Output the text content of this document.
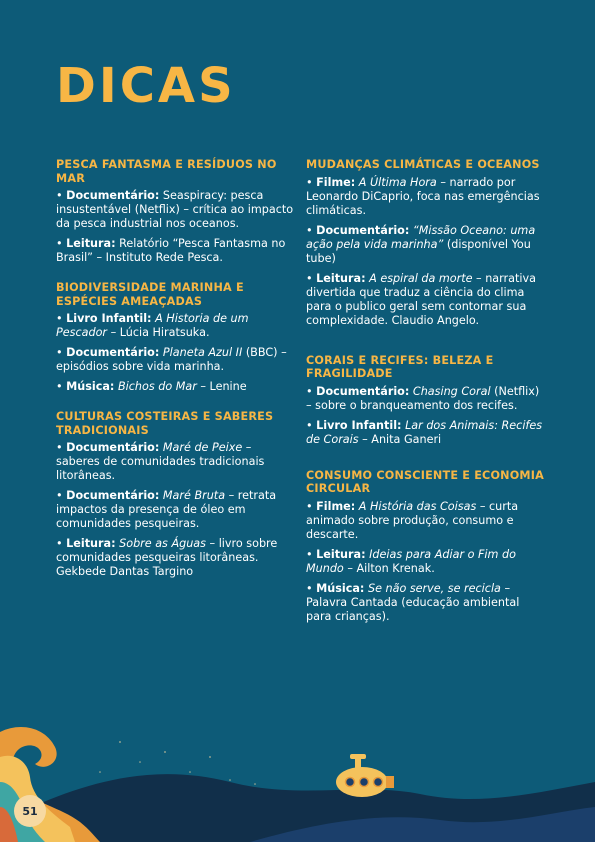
DICAS
PESCA FANTASMA E RESÍDUOS NO MAR
• Documentário: Seaspiracy: pesca insustentável (Netflix) – crítica ao impacto da pesca industrial nos oceanos.
• Leitura: Relatório “Pesca Fantasma no Brasil” – Instituto Rede Pesca.
BIODIVERSIDADE MARINHA E ESPÉCIES AMEAÇADAS
• Livro Infantil: A Historia de um Pescador – Lúcia Hiratsuka.
• Documentário: Planeta Azul II (BBC) – episódios sobre vida marinha.
• Música: Bichos do Mar – Lenine
CULTURAS COSTEIRAS E SABERES TRADICIONAIS
• Documentário: Maré de Peixe – saberes de comunidades tradicionais litorâneas.
• Documentário: Maré Bruta – retrata impactos da presença de óleo em comunidades pesqueiras.
• Leitura: Sobre as Águas – livro sobre comunidades pesqueiras litorâneas. Gekbede Dantas Targino
MUDANÇAS CLIMÁTICAS E OCEANOS
• Filme: A Última Hora – narrado por Leonardo DiCaprio, foca nas emergências climáticas.
• Documentário: “Missão Oceano: uma ação pela vida marinha” (disponível You tube)
• Leitura: A espiral da morte – narrativa divertida que traduz a ciência do clima para o publico geral sem contornar sua complexidade. Claudio Angelo.
CORAIS E RECIFES: BELEZA E FRAGILIDADE
• Documentário: Chasing Coral (Netflix) – sobre o branqueamento dos recifes.
• Livro Infantil: Lar dos Animais: Recifes de Corais – Anita Ganeri
CONSUMO CONSCIENTE E ECONOMIA CIRCULAR
• Filme: A História das Coisas – curta animado sobre produção, consumo e descarte.
• Leitura: Ideias para Adiar o Fim do Mundo – Ailton Krenak.
• Música: Se não serve, se recicla – Palavra Cantada (educação ambiental para crianças).
51
